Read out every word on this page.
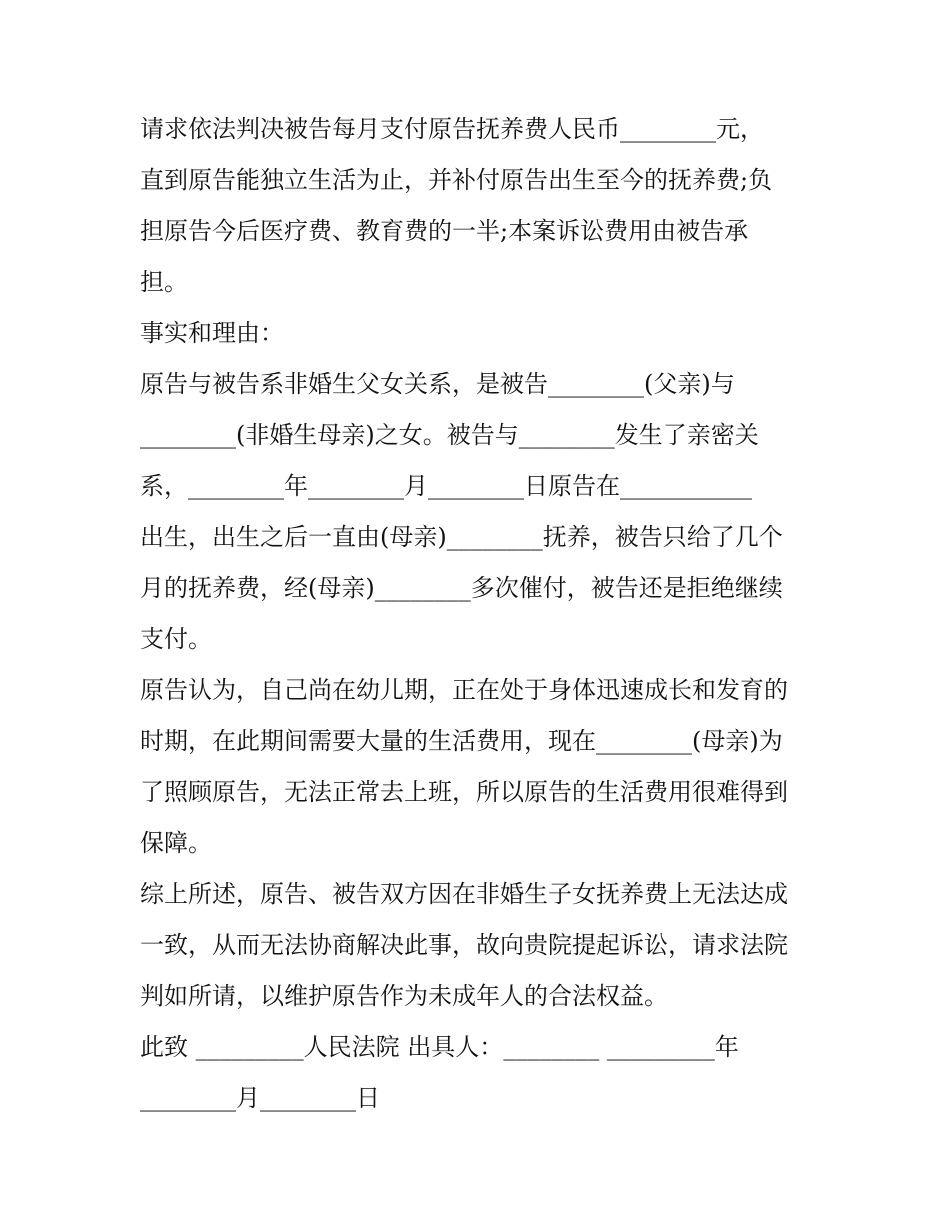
请求依法判决被告每月支付原告抚养费人民币________元，
直到原告能独立生活为止，并补付原告出生至今的抚养费;负
担原告今后医疗费、教育费的一半;本案诉讼费用由被告承
担。
事实和理由：
原告与被告系非婚生父女关系，是被告________(父亲)与
________(非婚生母亲)之女。被告与________发生了亲密关
系，________年________月________日原告在___________
出生，出生之后一直由(母亲)________抚养，被告只给了几个
月的抚养费，经(母亲)________多次催付，被告还是拒绝继续
支付。
原告认为，自己尚在幼儿期，正在处于身体迅速成长和发育的
时期，在此期间需要大量的生活费用，现在________(母亲)为
了照顾原告，无法正常去上班，所以原告的生活费用很难得到
保障。
综上所述，原告、被告双方因在非婚生子女抚养费上无法达成
一致，从而无法协商解决此事，故向贵院提起诉讼，请求法院
判如所请，以维护原告作为未成年人的合法权益。
此致 _________人民法院 出具人：________ _________年
________月________日
